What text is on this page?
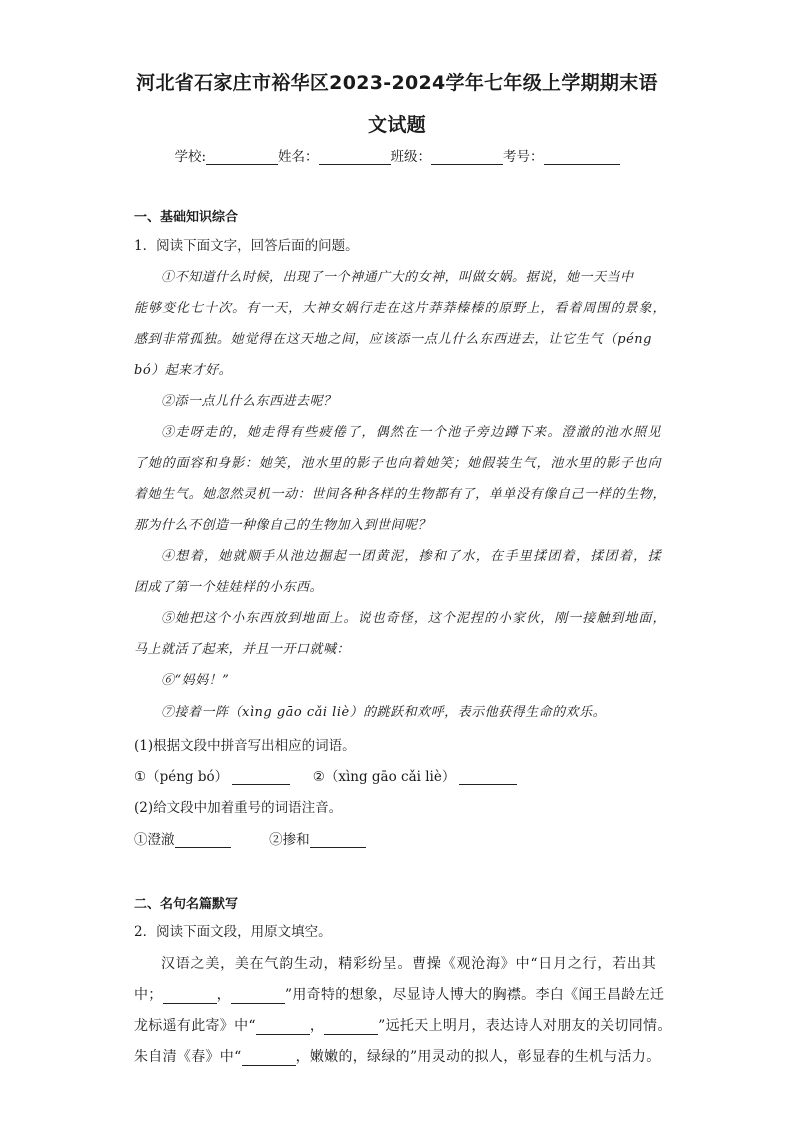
河北省石家庄市裕华区2023-2024学年七年级上学期期末语
文试题
学校:	姓名：	班级：	考号：
一、基础知识综合
1．阅读下面文字，回答后面的问题。
①不知道什么时候，出现了一个神通广大的女神，叫做女娲。据说，她一天当中
能够变化七十次。有一天，大神女娲行走在这片莽莽榛榛的原野上，看着周围的景象，
感到非常孤独。她觉得在这天地之间，应该添一点儿什么东西进去，让它生气（péng
bó）起来才好。
②添一点儿什么东西进去呢？
③走呀走的，她走得有些疲倦了，偶然在一个池子旁边蹲下来。澄澈的池水照见
了她的面容和身影：她笑，池水里的影子也向着她笑；她假装生气，池水里的影子也向
着她生气。她忽然灵机一动：世间各种各样的生物都有了，单单没有像自己一样的生物，
那为什么不创造一种像自己的生物加入到世间呢？
④想着，她就顺手从池边掘起一团黄泥，掺和了水，在手里揉团着，揉团着，揉
团成了第一个娃娃样的小东西。
⑤她把这个小东西放到地面上。说也奇怪，这个泥捏的小家伙，刚一接触到地面，
马上就活了起来，并且一开口就喊：
⑥“妈妈！”
⑦接着一阵（xìng gāo cǎi liè）的跳跃和欢呼，表示他获得生命的欢乐。
(1)根据文段中拼音写出相应的词语。
①（péng bó）	②（xìng gāo cǎi liè）
(2)给文段中加着重号的词语注音。
①澄澈	②掺和
二、名句名篇默写
2．阅读下面文段，用原文填空。
汉语之美，美在气韵生动，精彩纷呈。曹操《观沧海》中“日月之行，若出其
中；	，	”用奇特的想象，尽显诗人博大的胸襟。李白《闻王昌龄左迁
龙标遥有此寄》中“	，	”远托天上明月，表达诗人对朋友的关切同情。
朱自清《春》中“	，嫩嫩的，绿绿的”用灵动的拟人，彰显春的生机与活力。
